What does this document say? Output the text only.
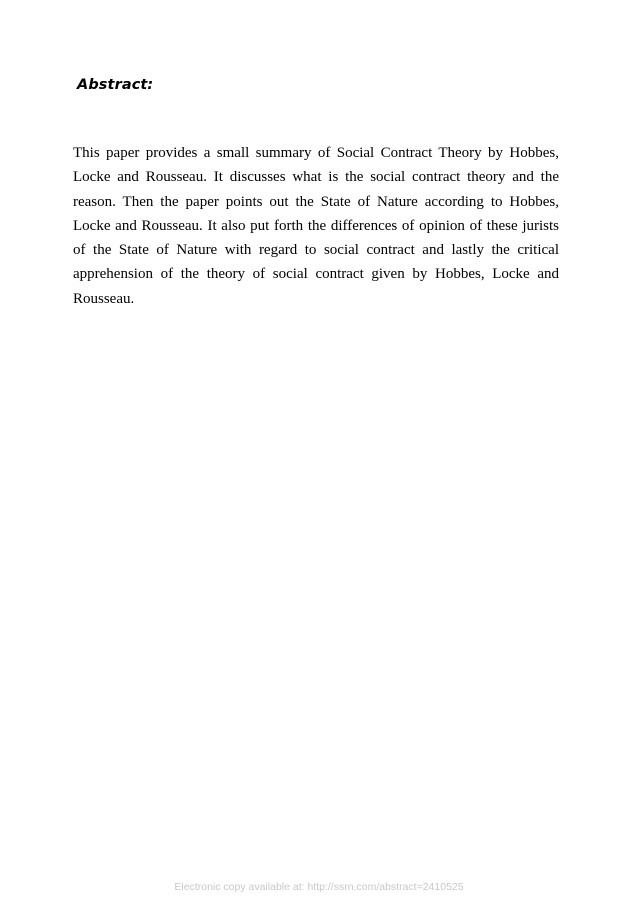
Abstract:

This paper provides a small summary of Social Contract Theory by Hobbes, Locke and Rousseau. It discusses what is the social contract theory and the reason. Then the paper points out the State of Nature according to Hobbes, Locke and Rousseau. It also put forth the differences of opinion of these jurists of the State of Nature with regard to social contract and lastly the critical apprehension of the theory of social contract given by Hobbes, Locke and Rousseau.

Electronic copy available at: http://ssrn.com/abstract=2410525
